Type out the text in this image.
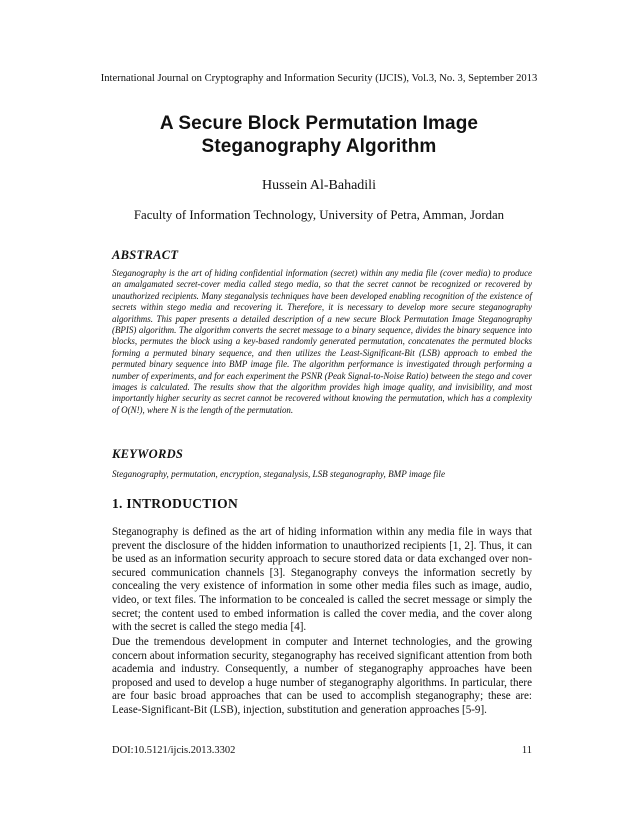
International Journal on Cryptography and Information Security (IJCIS), Vol.3, No. 3, September 2013
A Secure Block Permutation Image
Steganography Algorithm
Hussein Al-Bahadili
Faculty of Information Technology, University of Petra, Amman, Jordan
ABSTRACT

Steganography is the art of hiding confidential information (secret) within any media file (cover media) to produce an amalgamated secret-cover media called stego media, so that the secret cannot be recognized or recovered by unauthorized recipients. Many steganalysis techniques have been developed enabling recognition of the existence of secrets within stego media and recovering it. Therefore, it is necessary to develop more secure steganography algorithms. This paper presents a detailed description of a new secure Block Permutation Image Steganography (BPIS) algorithm. The algorithm converts the secret message to a binary sequence, divides the binary sequence into blocks, permutes the block using a key-based randomly generated permutation, concatenates the permuted blocks forming a permuted binary sequence, and then utilizes the Least-Significant-Bit (LSB) approach to embed the permuted binary sequence into BMP image file. The algorithm performance is investigated through performing a number of experiments, and for each experiment the PSNR (Peak Signal-to-Noise Ratio) between the stego and cover images is calculated. The results show that the algorithm provides high image quality, and invisibility, and most importantly higher security as secret cannot be recovered without knowing the permutation, which has a complexity of O(N!), where N is the length of the permutation.

KEYWORDS

Steganography, permutation, encryption, steganalysis, LSB steganography, BMP image file

1. INTRODUCTION

Steganography is defined as the art of hiding information within any media file in ways that prevent the disclosure of the hidden information to unauthorized recipients [1, 2]. Thus, it can be used as an information security approach to secure stored data or data exchanged over non-secured communication channels [3]. Steganography conveys the information secretly by concealing the very existence of information in some other media files such as image, audio, video, or text files. The information to be concealed is called the secret message or simply the secret; the content used to embed information is called the cover media, and the cover along with the secret is called the stego media [4].

Due the tremendous development in computer and Internet technologies, and the growing concern about information security, steganography has received significant attention from both academia and industry. Consequently, a number of steganography approaches have been proposed and used to develop a huge number of steganography algorithms. In particular, there are four basic broad approaches that can be used to accomplish steganography; these are: Lease-Significant-Bit (LSB), injection, substitution and generation approaches [5-9].

DOI:10.5121/ijcis.2013.3302	11
